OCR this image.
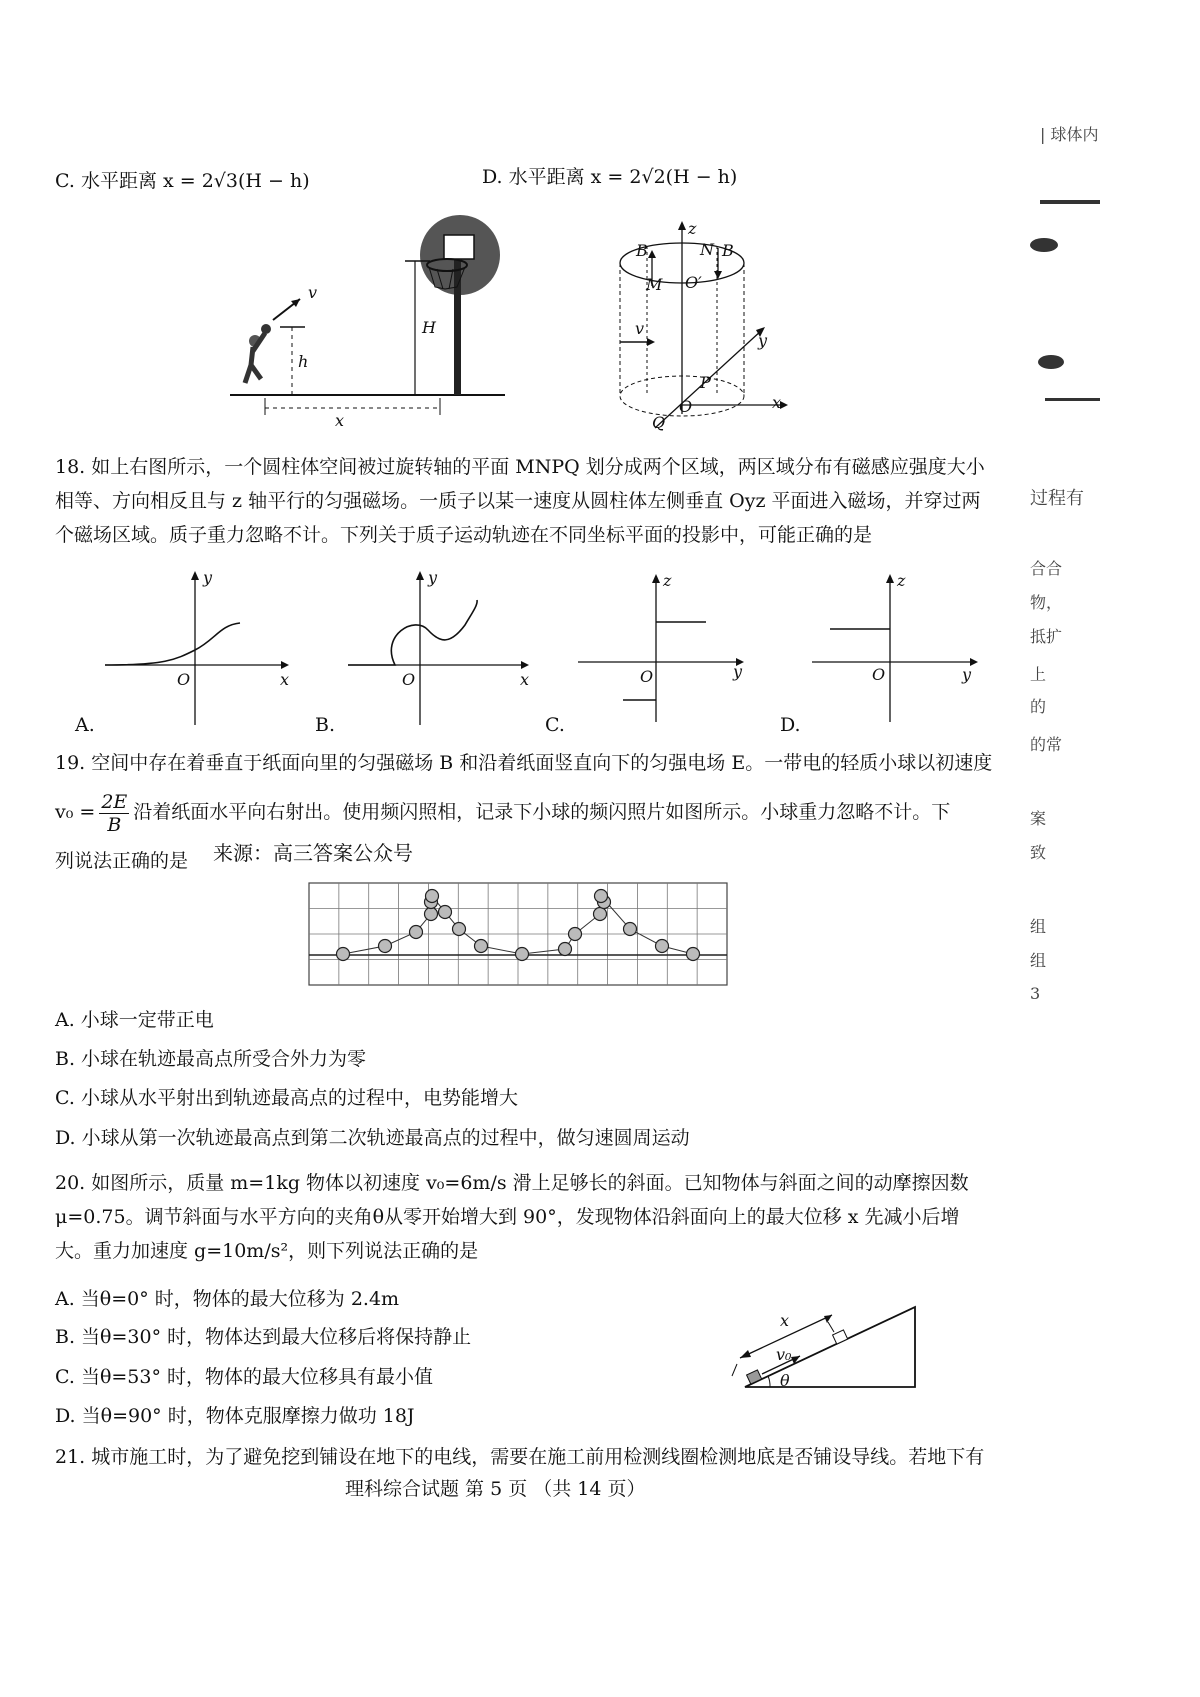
C. 水平距离 x = 2√3(H − h)	D. 水平距离 x = 2√2(H − h)
v
h
H
x
z
B	N B
M O′
v
y
P
O
Q
x
18. 如上右图所示，一个圆柱体空间被过旋转轴的平面 MNPQ 划分成两个区域，两区域分布有磁感应强度大小相等、方向相反且与 z 轴平行的匀强磁场。一质子以某一速度从圆柱体左侧垂直 Oyz 平面进入磁场，并穿过两个磁场区域。质子重力忽略不计。下列关于质子运动轨迹在不同坐标平面的投影中，可能正确的是
y
x
O
A.
y
x
O
B.
z
y
O
C.
z
y
O
D.
19. 空间中存在着垂直于纸面向里的匀强磁场 B 和沿着纸面竖直向下的匀强电场 E。一带电的轻质小球以初速度
$v_0 = \frac{2E}{B}$ 沿着纸面水平向右射出。使用频闪照相，记录下小球的频闪照片如图所示。小球重力忽略不计。下
列说法正确的是 来源：高三答案公众号
A. 小球一定带正电
B. 小球在轨迹最高点所受合外力为零
C. 小球从水平射出到轨迹最高点的过程中，电势能增大
D. 小球从第一次轨迹最高点到第二次轨迹最高点的过程中，做匀速圆周运动
20. 如图所示，质量 m=1kg 物体以初速度 v₀=6m/s 滑上足够长的斜面。已知物体与斜面之间的动摩擦因数μ=0.75。调节斜面与水平方向的夹角θ从零开始增大到 90°，发现物体沿斜面向上的最大位移 x 先减小后增大。重力加速度 g=10m/s²，则下列说法正确的是
A. 当θ=0° 时，物体的最大位移为 2.4m
B. 当θ=30° 时，物体达到最大位移后将保持静止
C. 当θ=53° 时，物体的最大位移具有最小值
D. 当θ=90° 时，物体克服摩擦力做功 18J
x
v₀
θ
21. 城市施工时，为了避免挖到铺设在地下的电线，需要在施工前用检测线圈检测地底是否铺设导线。若地下有
理科综合试题 第 5 页 （共 14 页）
| 球体内
过程有
合合
物，
抵扩
上
的
的常
案
致
组
组
3
